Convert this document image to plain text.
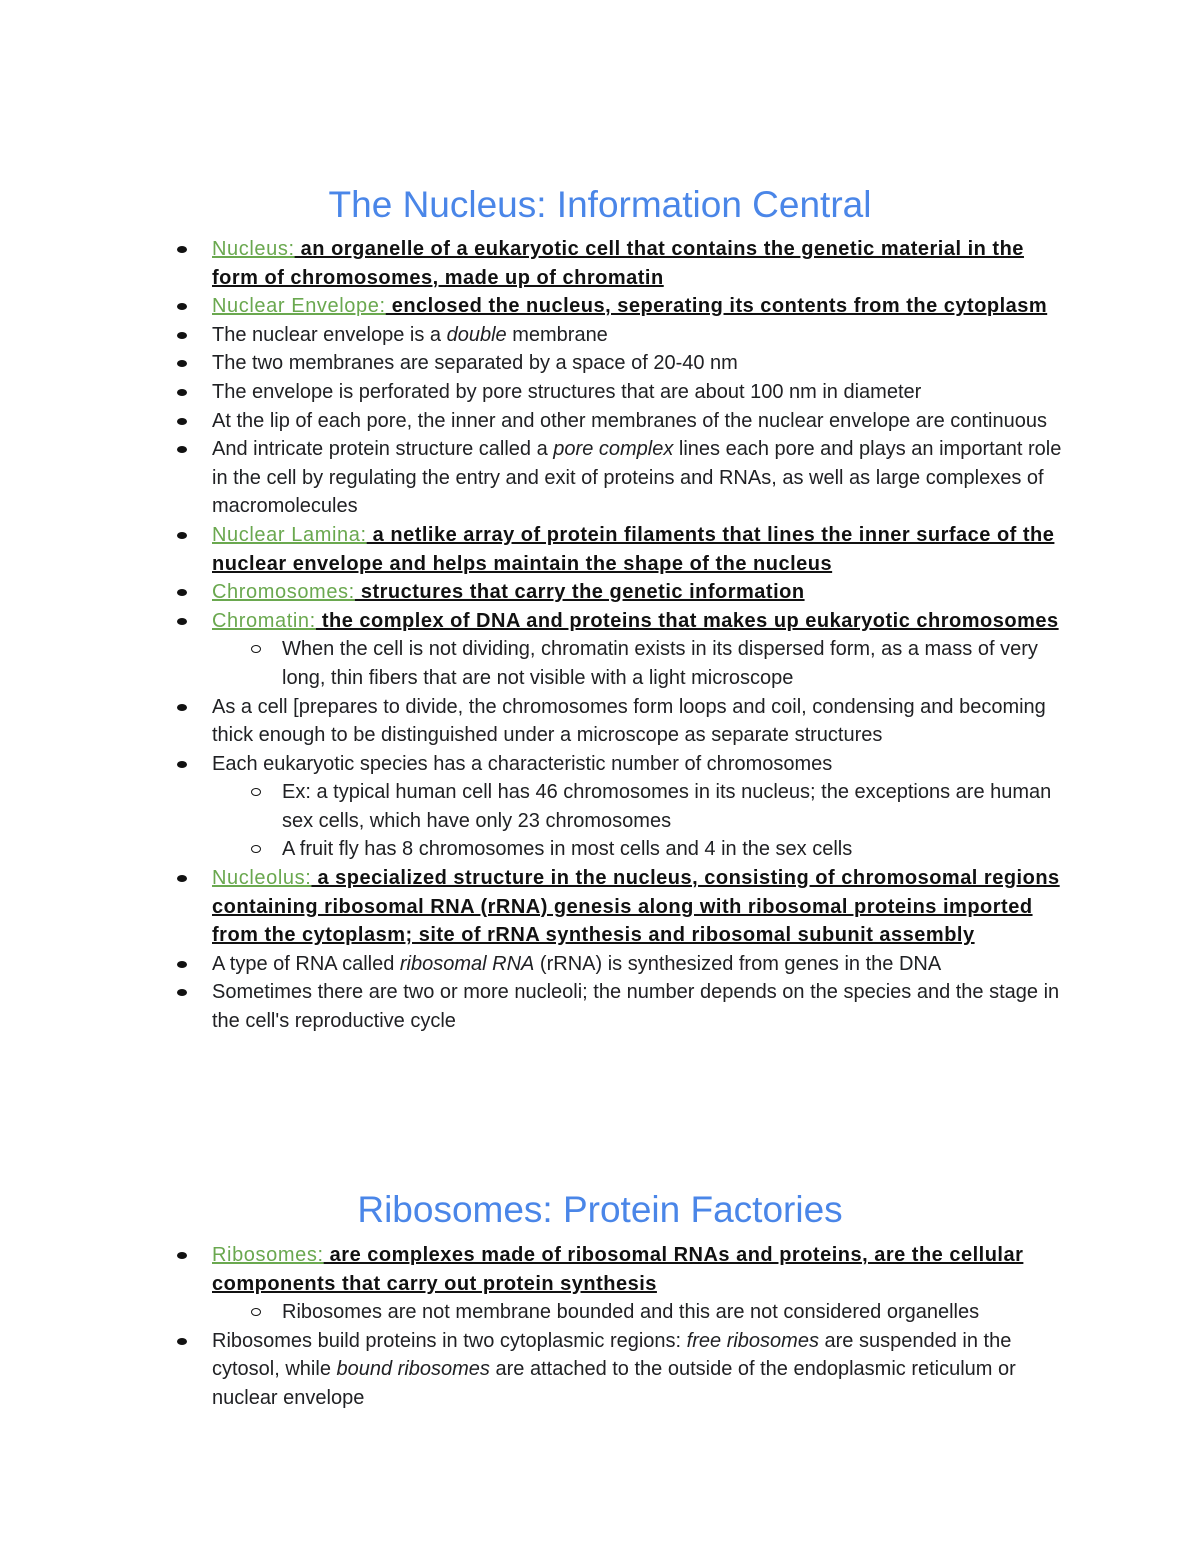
The Nucleus: Information Central
Nucleus: an organelle of a eukaryotic cell that contains the genetic material in the form of chromosomes, made up of chromatin
Nuclear Envelope: enclosed the nucleus, seperating its contents from the cytoplasm
The nuclear envelope is a double membrane
The two membranes are separated by a space of 20-40 nm
The envelope is perforated by pore structures that are about 100 nm in diameter
At the lip of each pore, the inner and other membranes of the nuclear envelope are continuous
And intricate protein structure called a pore complex lines each pore and plays an important role in the cell by regulating the entry and exit of proteins and RNAs, as well as large complexes of macromolecules
Nuclear Lamina: a netlike array of protein filaments that lines the inner surface of the nuclear envelope and helps maintain the shape of the nucleus
Chromosomes: structures that carry the genetic information
Chromatin: the complex of DNA and proteins that makes up eukaryotic chromosomes
When the cell is not dividing, chromatin exists in its dispersed form, as a mass of very long, thin fibers that are not visible with a light microscope
As a cell [prepares to divide, the chromosomes form loops and coil, condensing and becoming thick enough to be distinguished under a microscope as separate structures
Each eukaryotic species has a characteristic number of chromosomes
Ex: a typical human cell has 46 chromosomes in its nucleus; the exceptions are human sex cells, which have only 23 chromosomes
A fruit fly has 8 chromosomes in most cells and 4 in the sex cells
Nucleolus: a specialized structure in the nucleus, consisting of chromosomal regions containing ribosomal RNA (rRNA) genesis along with ribosomal proteins imported from the cytoplasm; site of rRNA synthesis and ribosomal subunit assembly
A type of RNA called ribosomal RNA (rRNA) is synthesized from genes in the DNA
Sometimes there are two or more nucleoli; the number depends on the species and the stage in the cell's reproductive cycle
Ribosomes: Protein Factories
Ribosomes: are complexes made of ribosomal RNAs and proteins, are the cellular components that carry out protein synthesis
Ribosomes are not membrane bounded and this are not considered organelles
Ribosomes build proteins in two cytoplasmic regions: free ribosomes are suspended in the cytosol, while bound ribosomes are attached to the outside of the endoplasmic reticulum or nuclear envelope
